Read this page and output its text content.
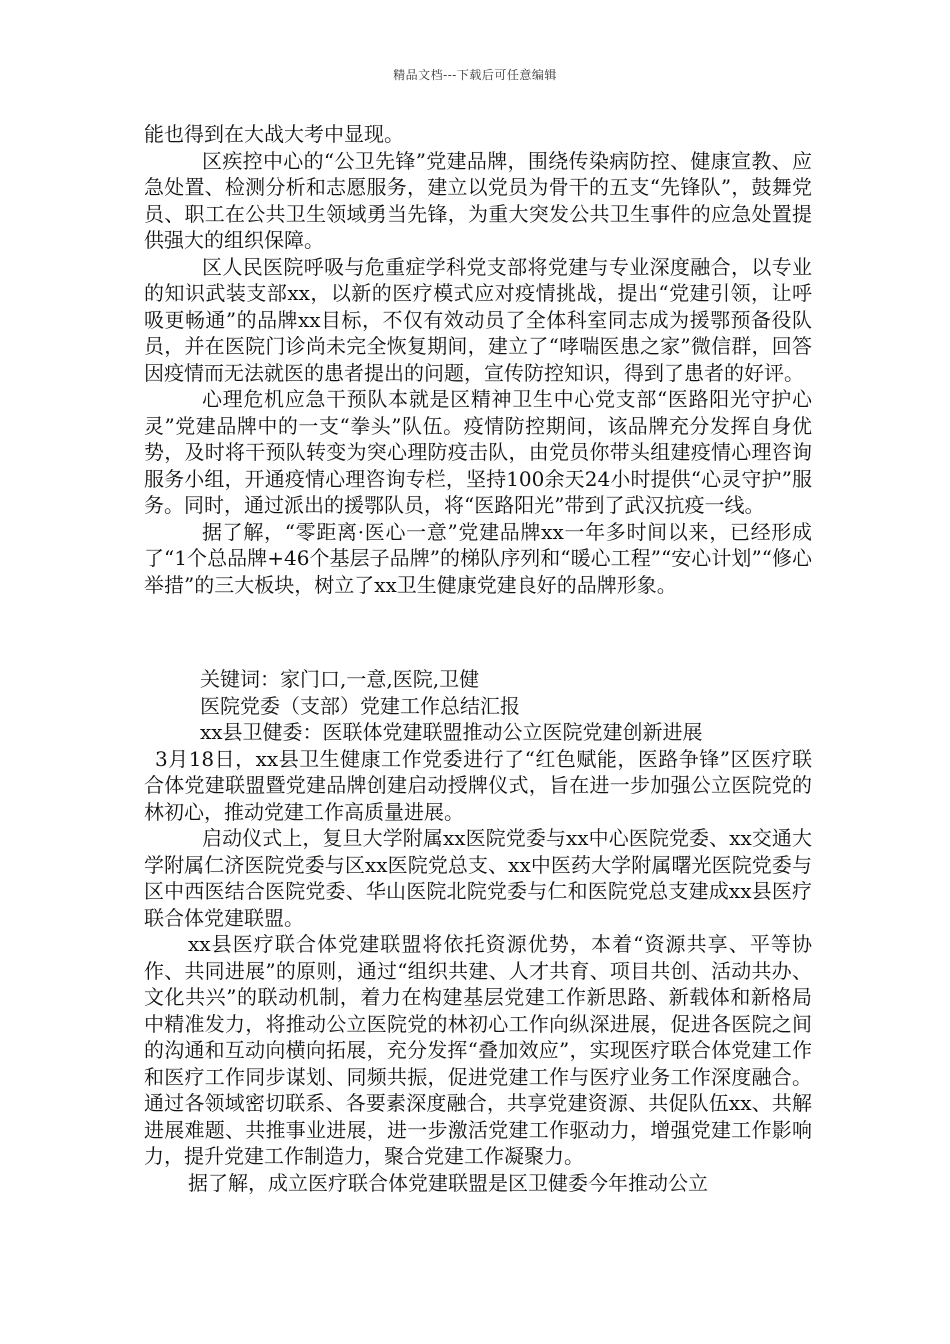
精品文档---下载后可任意编辑

能也得到在大战大考中显现。

区疾控中心的“公卫先锋”党建品牌，围绕传染病防控、健康宣教、应急处置、检测分析和志愿服务，建立以党员为骨干的五支“先锋队”，鼓舞党员、职工在公共卫生领域勇当先锋，为重大突发公共卫生事件的应急处置提供强大的组织保障。

区人民医院呼吸与危重症学科党支部将党建与专业深度融合，以专业的知识武装支部xx，以新的医疗模式应对疫情挑战，提出“党建引领，让呼吸更畅通”的品牌xx目标，不仅有效动员了全体科室同志成为援鄂预备役队员，并在医院门诊尚未完全恢复期间，建立了“哮喘医患之家”微信群，回答因疫情而无法就医的患者提出的问题，宣传防控知识，得到了患者的好评。

心理危机应急干预队本就是区精神卫生中心党支部“医路阳光守护心灵”党建品牌中的一支“拳头”队伍。疫情防控期间，该品牌充分发挥自身优势，及时将干预队转变为突心理防疫击队，由党员你带头组建疫情心理咨询服务小组，开通疫情心理咨询专栏，坚持100余天24小时提供“心灵守护”服务。同时，通过派出的援鄂队员，将“医路阳光”带到了武汉抗疫一线。

据了解，“零距离·医心一意”党建品牌xx一年多时间以来，已经形成了“1个总品牌+46个基层子品牌”的梯队序列和“暖心工程”“安心计划”“修心举措”的三大板块，树立了xx卫生健康党建良好的品牌形象。

关键词：家门口,一意,医院,卫健

医院党委（支部）党建工作总结汇报

xx县卫健委：医联体党建联盟推动公立医院党建创新进展

3月18日，xx县卫生健康工作党委进行了“红色赋能，医路争锋”区医疗联合体党建联盟暨党建品牌创建启动授牌仪式，旨在进一步加强公立医院党的林初心，推动党建工作高质量进展。

启动仪式上，复旦大学附属xx医院党委与xx中心医院党委、xx交通大学附属仁济医院党委与区xx医院党总支、xx中医药大学附属曙光医院党委与区中西医结合医院党委、华山医院北院党委与仁和医院党总支建成xx县医疗联合体党建联盟。

xx县医疗联合体党建联盟将依托资源优势，本着“资源共享、平等协作、共同进展”的原则，通过“组织共建、人才共育、项目共创、活动共办、文化共兴”的联动机制，着力在构建基层党建工作新思路、新载体和新格局中精准发力，将推动公立医院党的林初心工作向纵深进展，促进各医院之间的沟通和互动向横向拓展，充分发挥“叠加效应”，实现医疗联合体党建工作和医疗工作同步谋划、同频共振，促进党建工作与医疗业务工作深度融合。通过各领域密切联系、各要素深度融合，共享党建资源、共促队伍xx、共解进展难题、共推事业进展，进一步激活党建工作驱动力，增强党建工作影响力，提升党建工作制造力，聚合党建工作凝聚力。

据了解，成立医疗联合体党建联盟是区卫健委今年推动公立
